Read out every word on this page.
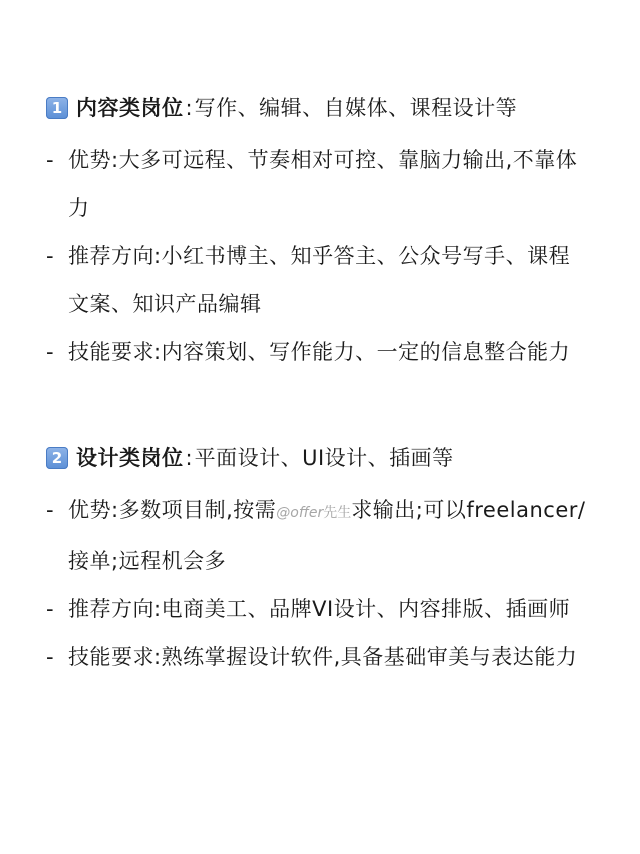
1 内容类岗位 : 写作、编辑、自媒体、课程设计等
- 优势:大多可远程、节奏相对可控、靠脑力输出,不靠体力
- 推荐方向:小红书博主、知乎答主、公众号写手、课程文案、知识产品编辑
- 技能要求:内容策划、写作能力、一定的信息整合能力
2 设计类岗位 : 平面设计、UI设计、插画等
- 优势:多数项目制,按需@offer先生求输出;可以freelancer/接单;远程机会多
- 推荐方向:电商美工、品牌VI设计、内容排版、插画师
- 技能要求:熟练掌握设计软件,具备基础审美与表达能力
